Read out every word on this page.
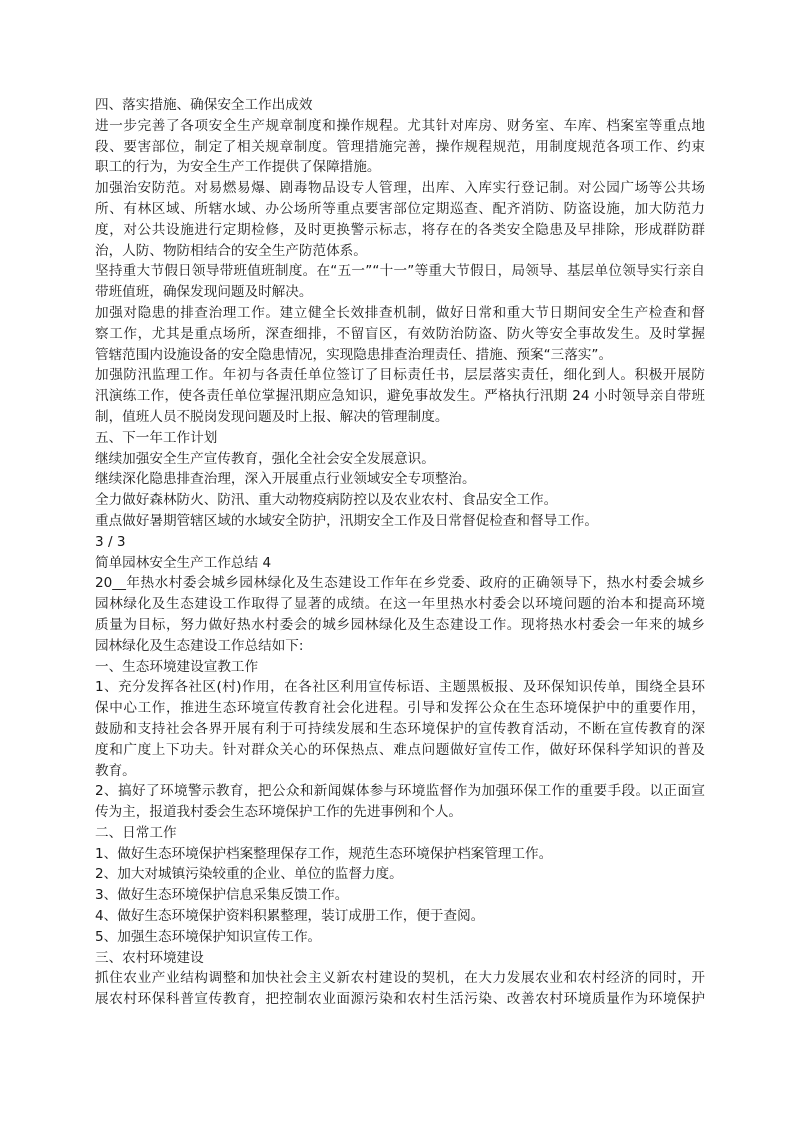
四、落实措施、确保安全工作出成效
进一步完善了各项安全生产规章制度和操作规程。尤其针对库房、财务室、车库、档案室等重点地
段、要害部位，制定了相关规章制度。管理措施完善，操作规程规范，用制度规范各项工作、约束
职工的行为，为安全生产工作提供了保障措施。
加强治安防范。对易燃易爆、剧毒物品设专人管理，出库、入库实行登记制。对公园广场等公共场
所、有林区域、所辖水域、办公场所等重点要害部位定期巡查、配齐消防、防盗设施，加大防范力
度，对公共设施进行定期检修，及时更换警示标志，将存在的各类安全隐患及早排除，形成群防群
治，人防、物防相结合的安全生产防范体系。
坚持重大节假日领导带班值班制度。在“五一”“十一”等重大节假日，局领导、基层单位领导实行亲自
带班值班，确保发现问题及时解决。
加强对隐患的排查治理工作。建立健全长效排查机制，做好日常和重大节日期间安全生产检查和督
察工作，尤其是重点场所，深查细排，不留盲区，有效防治防盗、防火等安全事故发生。及时掌握
管辖范围内设施设备的安全隐患情况，实现隐患排查治理责任、措施、预案“三落实”。
加强防汛监理工作。年初与各责任单位签订了目标责任书，层层落实责任，细化到人。积极开展防
汛演练工作，使各责任单位掌握汛期应急知识，避免事故发生。严格执行汛期 24 小时领导亲自带班
制，值班人员不脱岗发现问题及时上报、解决的管理制度。
五、下一年工作计划
继续加强安全生产宣传教育，强化全社会安全发展意识。
继续深化隐患排查治理，深入开展重点行业领域安全专项整治。
全力做好森林防火、防汛、重大动物疫病防控以及农业农村、食品安全工作。
重点做好暑期管辖区域的水域安全防护，汛期安全工作及日常督促检查和督导工作。
3 / 3
简单园林安全生产工作总结 4
20__年热水村委会城乡园林绿化及生态建设工作年在乡党委、政府的正确领导下，热水村委会城乡
园林绿化及生态建设工作取得了显著的成绩。在这一年里热水村委会以环境问题的治本和提高环境
质量为目标，努力做好热水村委会的城乡园林绿化及生态建设工作。现将热水村委会一年来的城乡
园林绿化及生态建设工作总结如下:
一、生态环境建设宣教工作
1、充分发挥各社区(村)作用，在各社区利用宣传标语、主题黑板报、及环保知识传单，围绕全县环
保中心工作，推进生态环境宣传教育社会化进程。引导和发挥公众在生态环境保护中的重要作用，
鼓励和支持社会各界开展有利于可持续发展和生态环境保护的宣传教育活动，不断在宣传教育的深
度和广度上下功夫。针对群众关心的环保热点、难点问题做好宣传工作，做好环保科学知识的普及
教育。
2、搞好了环境警示教育，把公众和新闻媒体参与环境监督作为加强环保工作的重要手段。以正面宣
传为主，报道我村委会生态环境保护工作的先进事例和个人。
二、日常工作
1、做好生态环境保护档案整理保存工作，规范生态环境保护档案管理工作。
2、加大对城镇污染较重的企业、单位的监督力度。
3、做好生态环境保护信息采集反馈工作。
4、做好生态环境保护资料积累整理，装订成册工作，便于查阅。
5、加强生态环境保护知识宣传工作。
三、农村环境建设
抓住农业产业结构调整和加快社会主义新农村建设的契机，在大力发展农业和农村经济的同时，开
展农村环保科普宣传教育，把控制农业面源污染和农村生活污染、改善农村环境质量作为环境保护
